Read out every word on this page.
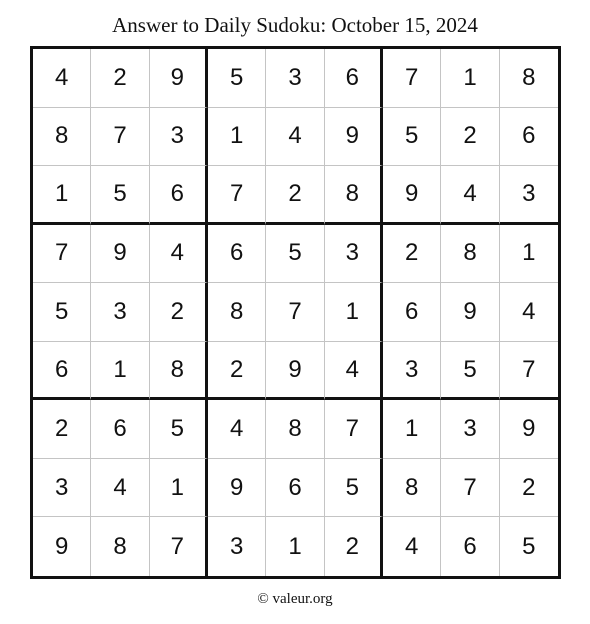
Answer to Daily Sudoku: October 15, 2024
4	2	9	5	3	6	7	1	8
8	7	3	1	4	9	5	2	6
1	5	6	7	2	8	9	4	3
7	9	4	6	5	3	2	8	1
5	3	2	8	7	1	6	9	4
6	1	8	2	9	4	3	5	7
2	6	5	4	8	7	1	3	9
3	4	1	9	6	5	8	7	2
9	8	7	3	1	2	4	6	5
© valeur.org
